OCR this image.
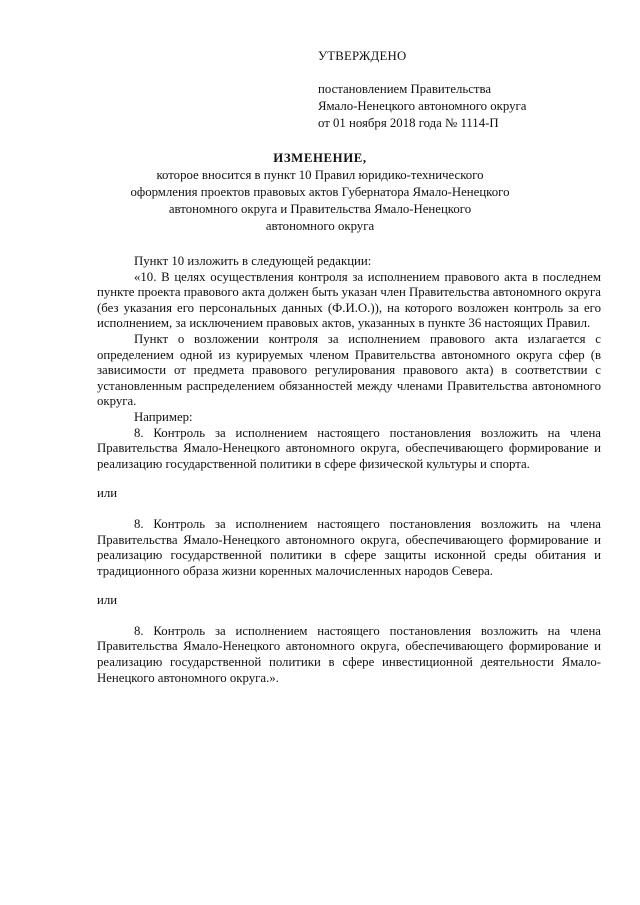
УТВЕРЖДЕНО
постановлением Правительства
Ямало-Ненецкого автономного округа
от 01 ноября 2018 года № 1114-П
ИЗМЕНЕНИЕ,
которое вносится в пункт 10 Правил юридико-технического
оформления проектов правовых актов Губернатора Ямало-Ненецкого
автономного округа и Правительства Ямало-Ненецкого
автономного округа

Пункт 10 изложить в следующей редакции:

«10. В целях осуществления контроля за исполнением правового акта в последнем пункте проекта правового акта должен быть указан член Правительства автономного округа (без указания его персональных данных (Ф.И.О.)), на которого возложен контроль за его исполнением, за исключением правовых актов, указанных в пункте 36 настоящих Правил.

Пункт о возложении контроля за исполнением правового акта излагается с определением одной из курируемых членом Правительства автономного округа сфер (в зависимости от предмета правового регулирования правового акта) в соответствии с установленным распределением обязанностей между членами Правительства автономного округа.

Например:

8. Контроль за исполнением настоящего постановления возложить на члена Правительства Ямало-Ненецкого автономного округа, обеспечивающего формирование и реализацию государственной политики в сфере физической культуры и спорта.

или

8. Контроль за исполнением настоящего постановления возложить на члена Правительства Ямало-Ненецкого автономного округа, обеспечивающего формирование и реализацию государственной политики в сфере защиты исконной среды обитания и традиционного образа жизни коренных малочисленных народов Севера.

или

8. Контроль за исполнением настоящего постановления возложить на члена Правительства Ямало-Ненецкого автономного округа, обеспечивающего формирование и реализацию государственной политики в сфере инвестиционной деятельности Ямало-Ненецкого автономного округа.».
